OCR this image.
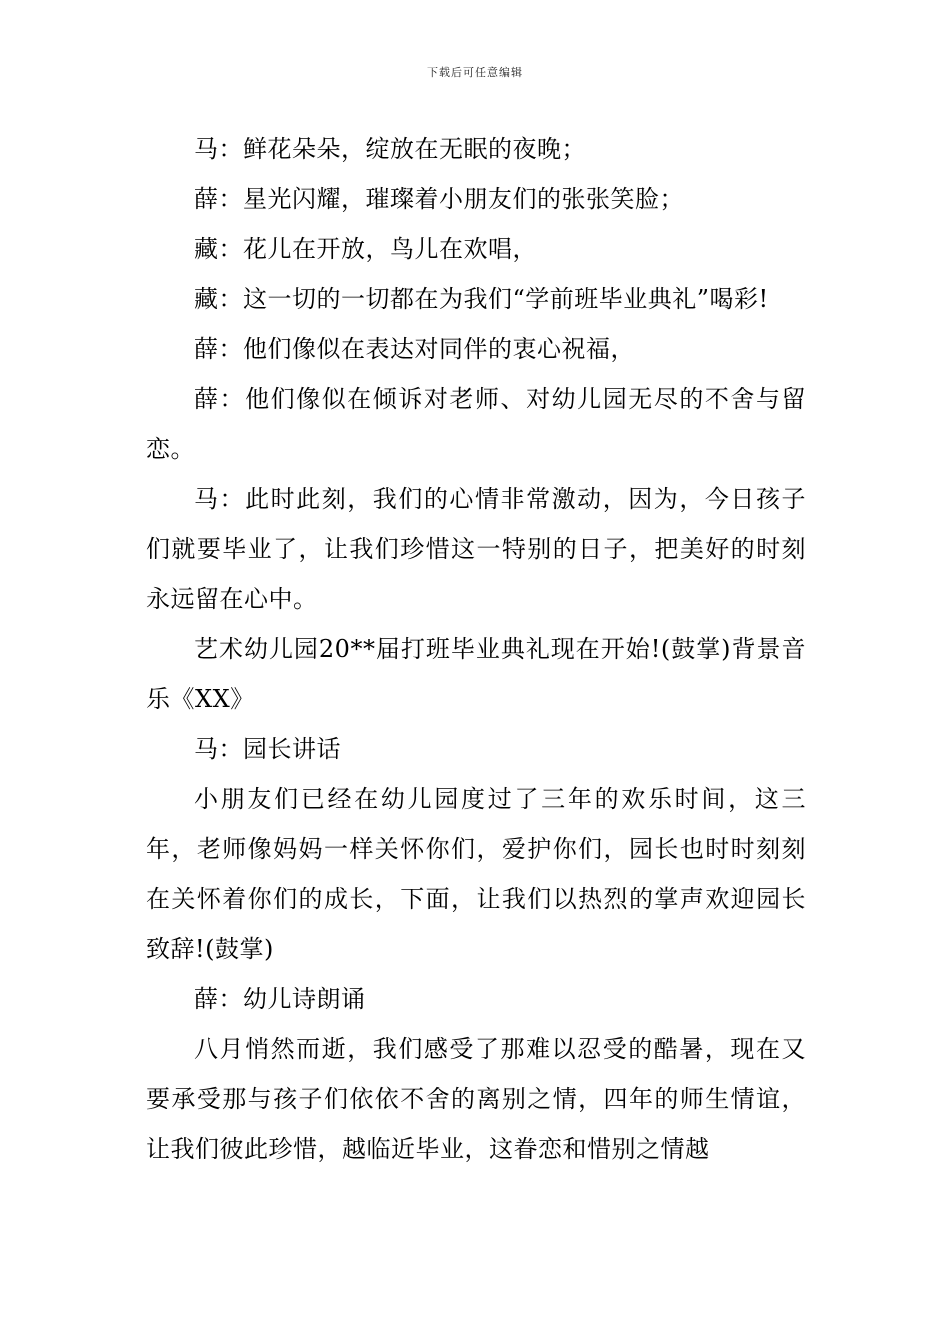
下载后可任意编辑

马：鲜花朵朵，绽放在无眠的夜晚；

薛：星光闪耀，璀璨着小朋友们的张张笑脸；

藏：花儿在开放，鸟儿在欢唱，

藏：这一切的一切都在为我们“学前班毕业典礼”喝彩!

薛：他们像似在表达对同伴的衷心祝福，

薛：他们像似在倾诉对老师、对幼儿园无尽的不舍与留恋。

马：此时此刻，我们的心情非常激动，因为，今日孩子们就要毕业了，让我们珍惜这一特别的日子，把美好的时刻永远留在心中。

艺术幼儿园20**届打班毕业典礼现在开始!(鼓掌)背景音乐《XX》

马：园长讲话

小朋友们已经在幼儿园度过了三年的欢乐时间，这三年，老师像妈妈一样关怀你们，爱护你们，园长也时时刻刻在关怀着你们的成长，下面，让我们以热烈的掌声欢迎园长致辞!(鼓掌)

薛：幼儿诗朗诵

八月悄然而逝，我们感受了那难以忍受的酷暑，现在又要承受那与孩子们依依不舍的离别之情，四年的师生情谊，让我们彼此珍惜，越临近毕业，这眷恋和惜别之情越
